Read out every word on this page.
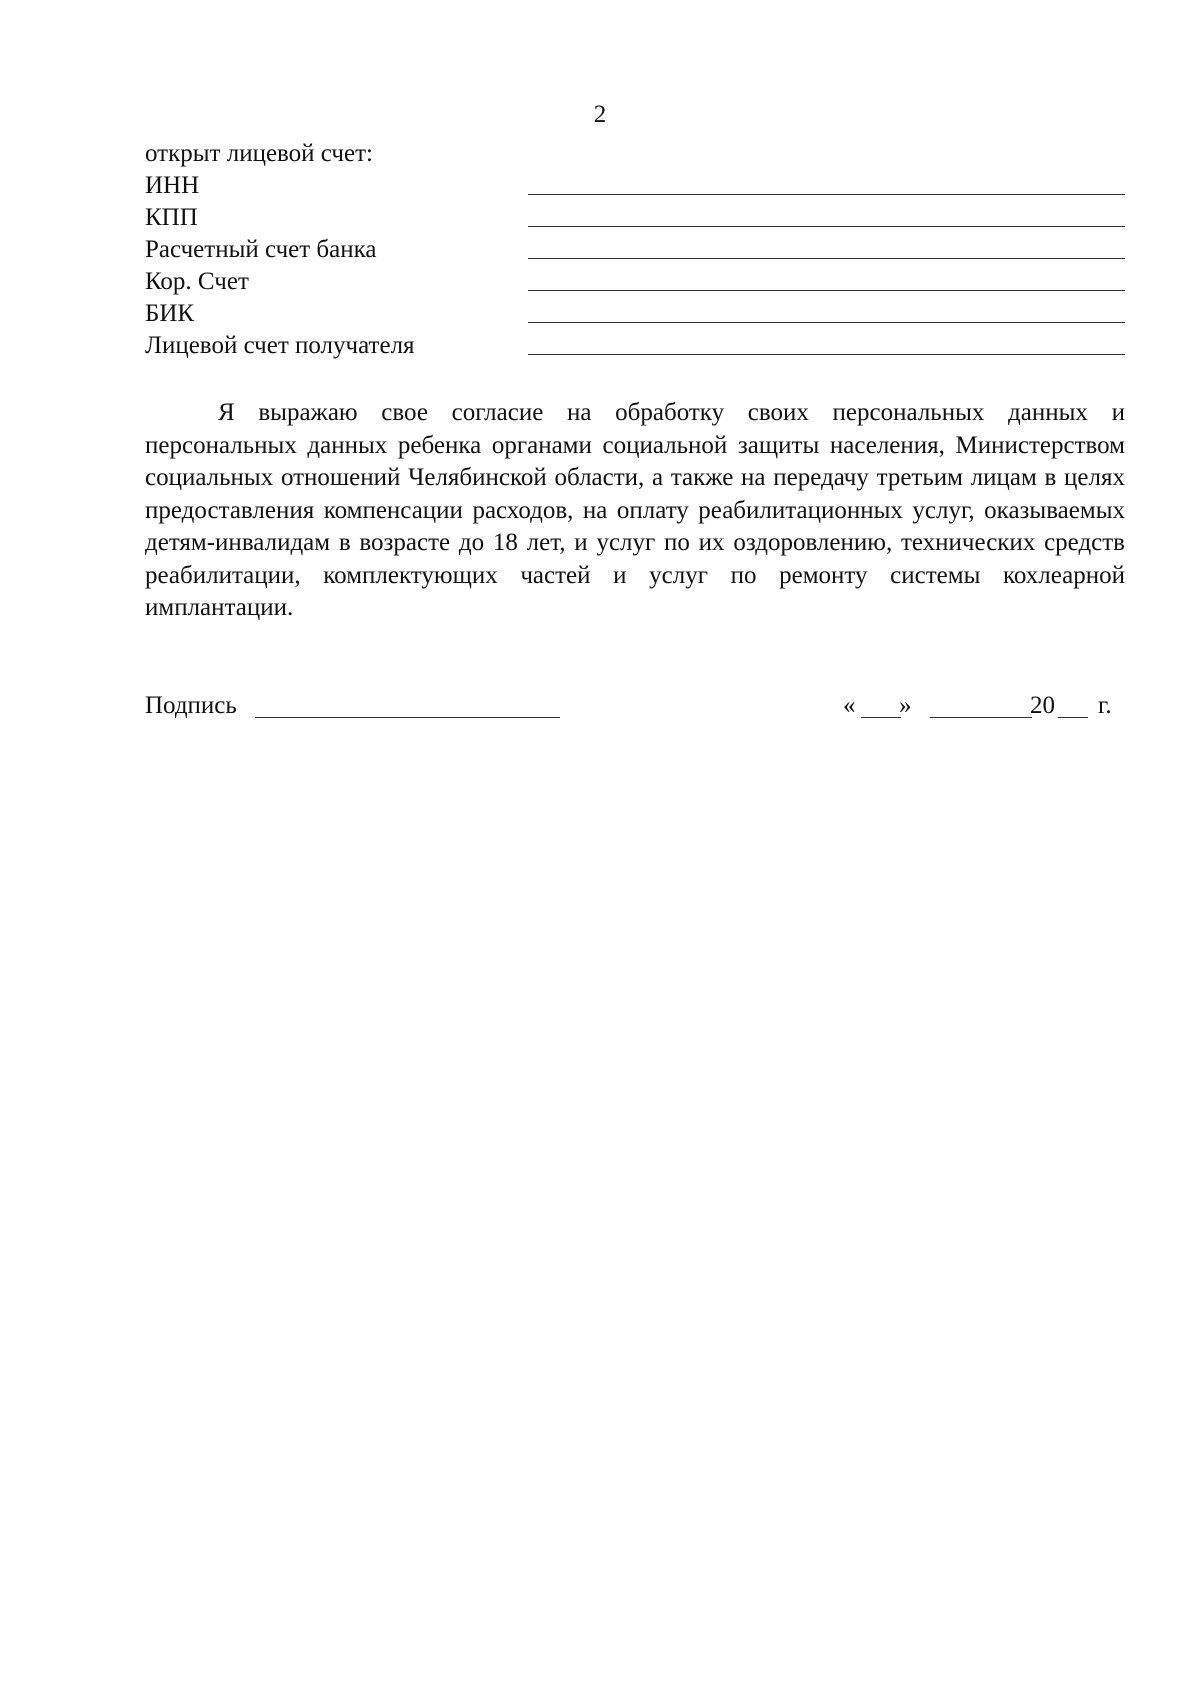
2
открыт лицевой счет:
ИНН
КПП
Расчетный счет банка
Кор. Счет
БИК
Лицевой счет получателя

Я выражаю свое согласие на обработку своих персональных данных и персональных данных ребенка органами социальной защиты населения, Министерством социальных отношений Челябинской области, а также на передачу третьим лицам в целях предоставления компенсации расходов, на оплату реабилитационных услуг, оказываемых детям-инвалидам в возрасте до 18 лет, и услуг по их оздоровлению, технических средств реабилитации, комплектующих частей и услуг по ремонту системы кохлеарной имплантации.

Подпись	« »	20 г.
